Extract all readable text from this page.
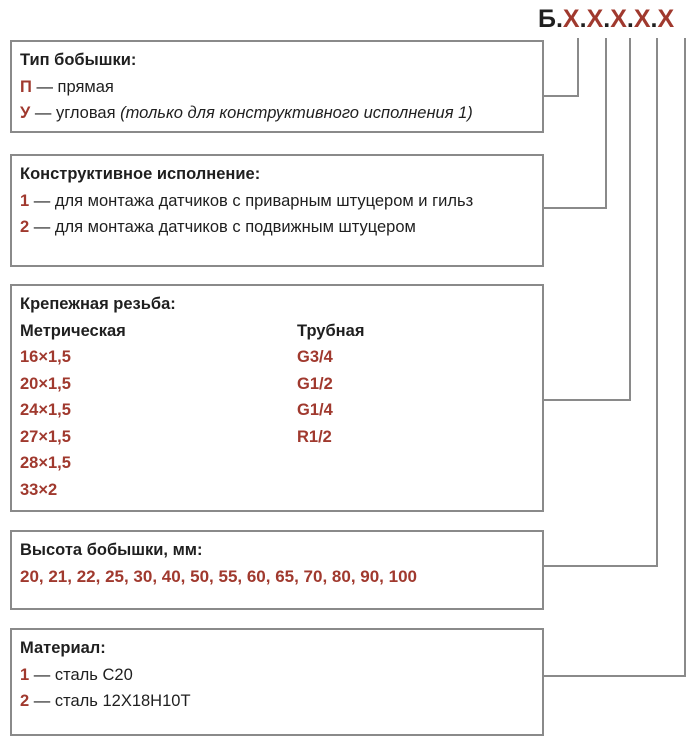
Б.X.X.X.X.X
Тип бобышки:
П — прямая
У — угловая (только для конструктивного исполнения 1)
Конструктивное исполнение:
1 — для монтажа датчиков с приварным штуцером и гильз
2 — для монтажа датчиков с подвижным штуцером
Крепежная резьба:
Метрическая
16×1,5
20×1,5
24×1,5
27×1,5
28×1,5
33×2
Трубная
G3/4
G1/2
G1/4
R1/2
Высота бобышки, мм:
20, 21, 22, 25, 30, 40, 50, 55, 60, 65, 70, 80, 90, 100
Материал:
1 — сталь С20
2 — сталь 12Х18Н10Т
